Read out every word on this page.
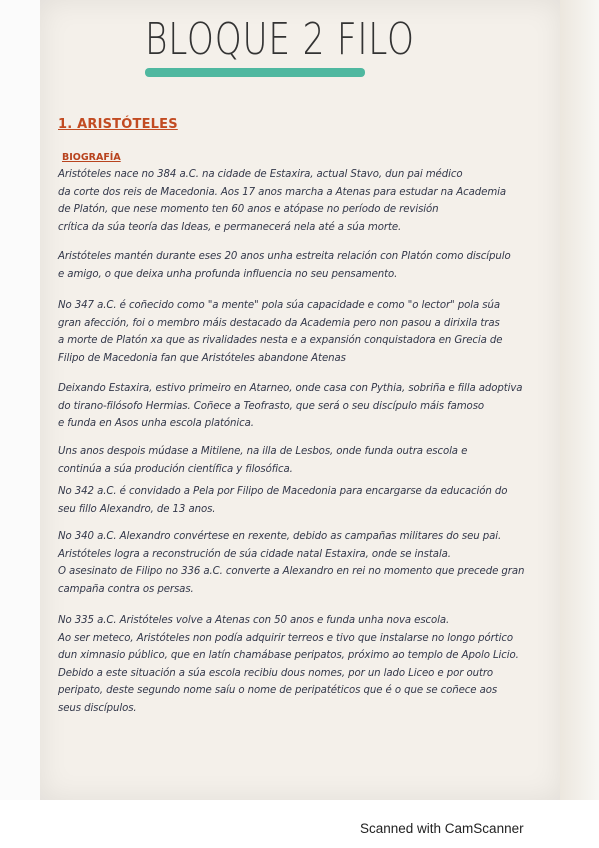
BLOQUE 2 FILO
1. ARISTÓTELES
BIOGRAFÍA
Aristóteles nace no 384 a.C. na cidade de Estaxira, actual Stavo, dun pai médico
da corte dos reis de Macedonia. Aos 17 anos marcha a Atenas para estudar na Academia
de Platón, que nese momento ten 60 anos e atópase no período de revisión
crítica da súa teoría das Ideas, e permanecerá nela até a súa morte.
Aristóteles mantén durante eses 20 anos unha estreita relación con Platón como discípulo
e amigo, o que deixa unha profunda influencia no seu pensamento.
No 347 a.C. é coñecido como "a mente" pola súa capacidade e como "o lector" pola súa
gran afección, foi o membro máis destacado da Academia pero non pasou a dirixila tras
a morte de Platón xa que as rivalidades nesta e a expansión conquistadora en Grecia de
Filipo de Macedonia fan que Aristóteles abandone Atenas
Deixando Estaxira, estivo primeiro en Atarneo, onde casa con Pythia, sobriña e filla adoptiva
do tirano-filósofo Hermias. Coñece a Teofrasto, que será o seu discípulo máis famoso
e funda en Asos unha escola platónica.
Uns anos despois múdase a Mitilene, na illa de Lesbos, onde funda outra escola e
continúa a súa produción científica y filosófica.
No 342 a.C. é convidado a Pela por Filipo de Macedonia para encargarse da educación do
seu fillo Alexandro, de 13 anos.
No 340 a.C. Alexandro convértese en rexente, debido as campañas militares do seu pai.
Aristóteles logra a reconstrución de súa cidade natal Estaxira, onde se instala.
O asesinato de Filipo no 336 a.C. converte a Alexandro en rei no momento que precede gran
campaña contra os persas.
No 335 a.C. Aristóteles volve a Atenas con 50 anos e funda unha nova escola.
Ao ser meteco, Aristóteles non podía adquirir terreos e tivo que instalarse no longo pórtico
dun ximnasio público, que en latín chamábase peripatos, próximo ao templo de Apolo Licio.
Debido a este situación a súa escola recibiu dous nomes, por un lado Liceo e por outro
peripato, deste segundo nome saíu o nome de peripatéticos que é o que se coñece aos
seus discípulos.
Scanned with CamScanner
